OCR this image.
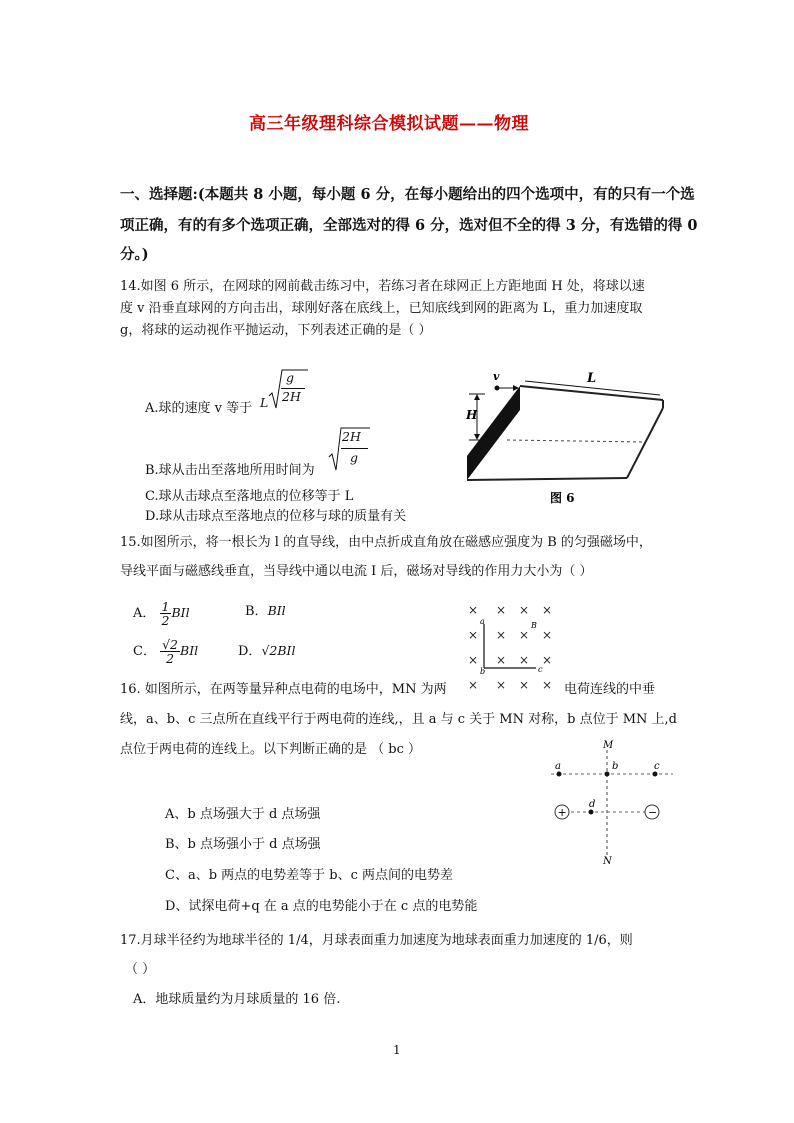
高三年级理科综合模拟试题——物理
一、选择题:(本题共 8 小题，每小题 6 分，在每小题给出的四个选项中，有的只有一个选
项正确，有的有多个选项正确，全部选对的得 6 分，选对但不全的得 3 分，有选错的得 0
分。)
14.如图 6 所示，在网球的网前截击练习中，若练习者在球网正上方距地面 H 处，将球以速
度 v 沿垂直球网的方向击出，球刚好落在底线上，已知底线到网的距离为 L，重力加速度取
g，将球的运动视作平抛运动，下列表述正确的是（ ）
A.球的速度 v 等于 L
g
2H
B.球从击出至落地所用时间为
2H
g
C.球从击球点至落地点的位移等于 L
D.球从击球点至落地点的位移与球的质量有关
v
H
L
图 6
15.如图所示，将一根长为 l 的直导线，由中点折成直角放在磁感应强度为 B 的匀强磁场中，
导线平面与磁感线垂直，当导线中通以电流 I 后，磁场对导线的作用力大小为（ ）
A． $\frac{1}{2}$ BIl	B．BIl
C． $\frac{√2}{2}$ BIl	D．√2BIl
× × × ×
× × × ×
× × × ×
× × × ×
a
b	c
B
16. 如图所示，在两等量异种点电荷的电场中，MN 为两	电荷连线的中垂
线，a、b、c 三点所在直线平行于两电荷的连线,，且 a 与 c 关于 MN 对称，b 点位于 MN 上,d
点位于两电荷的连线上。以下判断正确的是 （ bc ）
A、b 点场强大于 d 点场强
B、b 点场强小于 d 点场强
C、a、b 两点的电势差等于 b、c 两点间的电势差
D、试探电荷+q 在 a 点的电势能小于在 c 点的电势能
+	−
M
N
a	b	c
d
17.月球半径约为地球半径的 1/4，月球表面重力加速度为地球表面重力加速度的 1/6，则
（ ）
A．地球质量约为月球质量的 16 倍.
1
